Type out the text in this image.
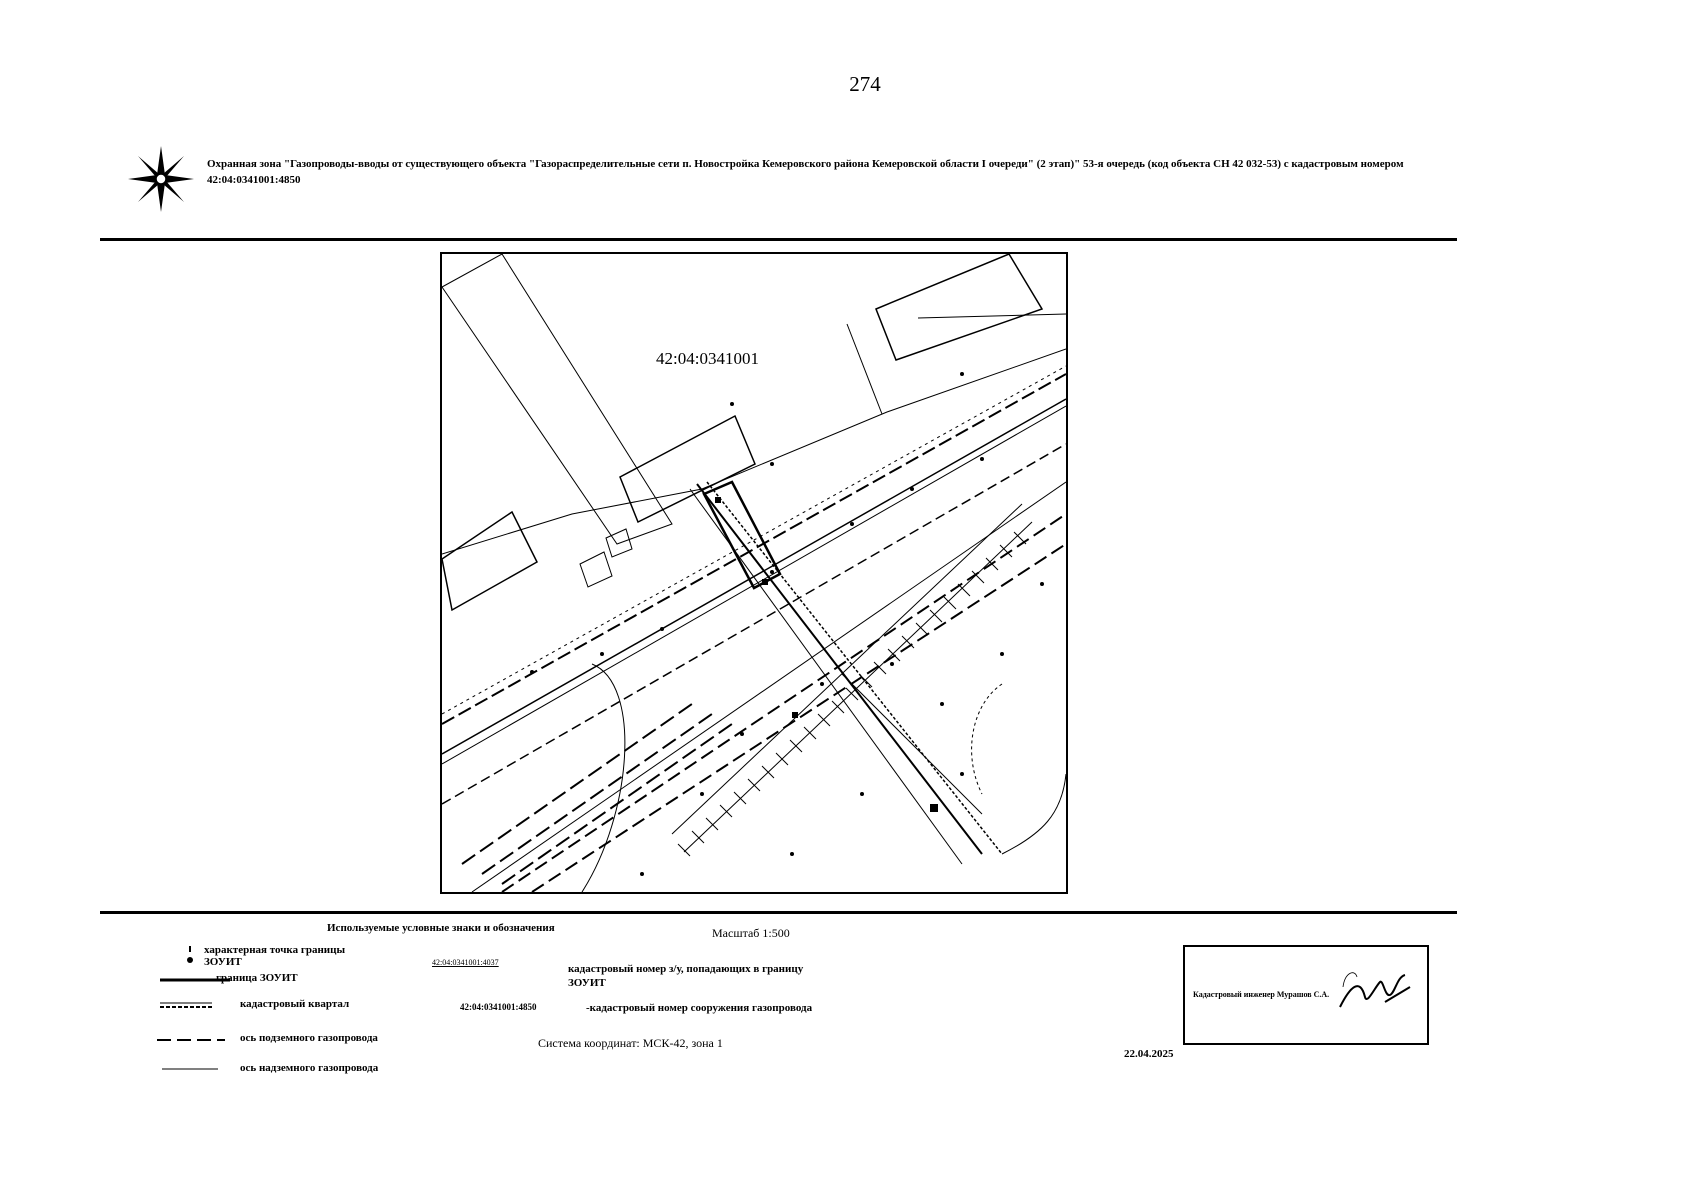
274
Охранная зона "Газопроводы-вводы от существующего объекта "Газораспределительные сети п. Новостройка Кемеровского района Кемеровской области I очереди" (2 этап)" 53-я очередь (код объекта СН 42 032-53) с кадастровым номером 42:04:0341001:4850
42:04:0341001
Используемые условные знаки и обозначения	Масштаб 1:500
характерная точка границы ЗОУИТ
граница ЗОУИТ
кадастровый квартал
ось подземного газопровода
ось надземного газопровода
42:04:0341001:4037
кадастровый номер з/у, попадающих в границу ЗОУИТ
42:04:0341001:4850	-кадастровый номер сооружения газопровода
Система координат: МСК-42, зона 1
Кадастровый инженер Мурашов С.А.
22.04.2025
